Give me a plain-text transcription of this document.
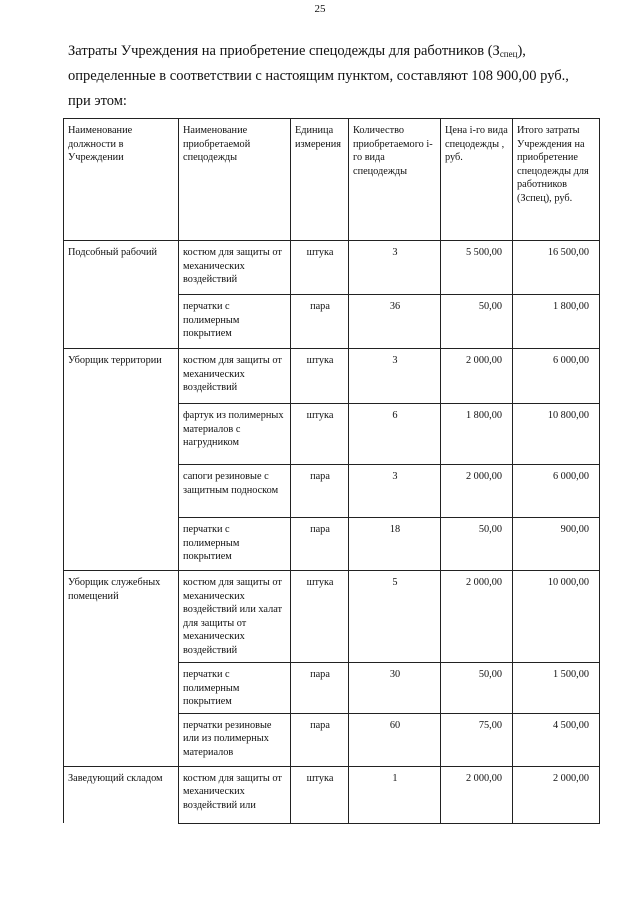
25

Затраты Учреждения на приобретение спецодежды для работников $(З_{спец})$,

определенные в соответствии с настоящим пунктом, составляют 108 900,00 руб.,

при этом:

Наименование должности в Учреждении	Наименование приобретаемой спецодежды	Единица измерения	Количество приобретаемого i-го вида спецодежды	Цена i-го вида спецодежды , руб.	Итого затраты Учреждения на приобретение спецодежды для работников (Зспец), руб.
Подсобный рабочий	костюм для защиты от механических воздействий	штука	3	5 500,00	16 500,00
	перчатки с полимерным покрытием	пара	36	50,00	1 800,00
Уборщик территории	костюм для защиты от механических воздействий	штука	3	2 000,00	6 000,00
	фартук из полимерных материалов с нагрудником	штука	6	1 800,00	10 800,00
	сапоги резиновые с защитным подноском	пара	3	2 000,00	6 000,00
	перчатки с полимерным покрытием	пара	18	50,00	900,00
Уборщик служебных помещений	костюм для защиты от механических воздействий или халат для защиты от механических воздействий	штука	5	2 000,00	10 000,00
	перчатки с полимерным покрытием	пара	30	50,00	1 500,00
	перчатки резиновые или из полимерных материалов	пара	60	75,00	4 500,00
Заведующий складом	костюм для защиты от механических воздействий или	штука	1	2 000,00	2 000,00
